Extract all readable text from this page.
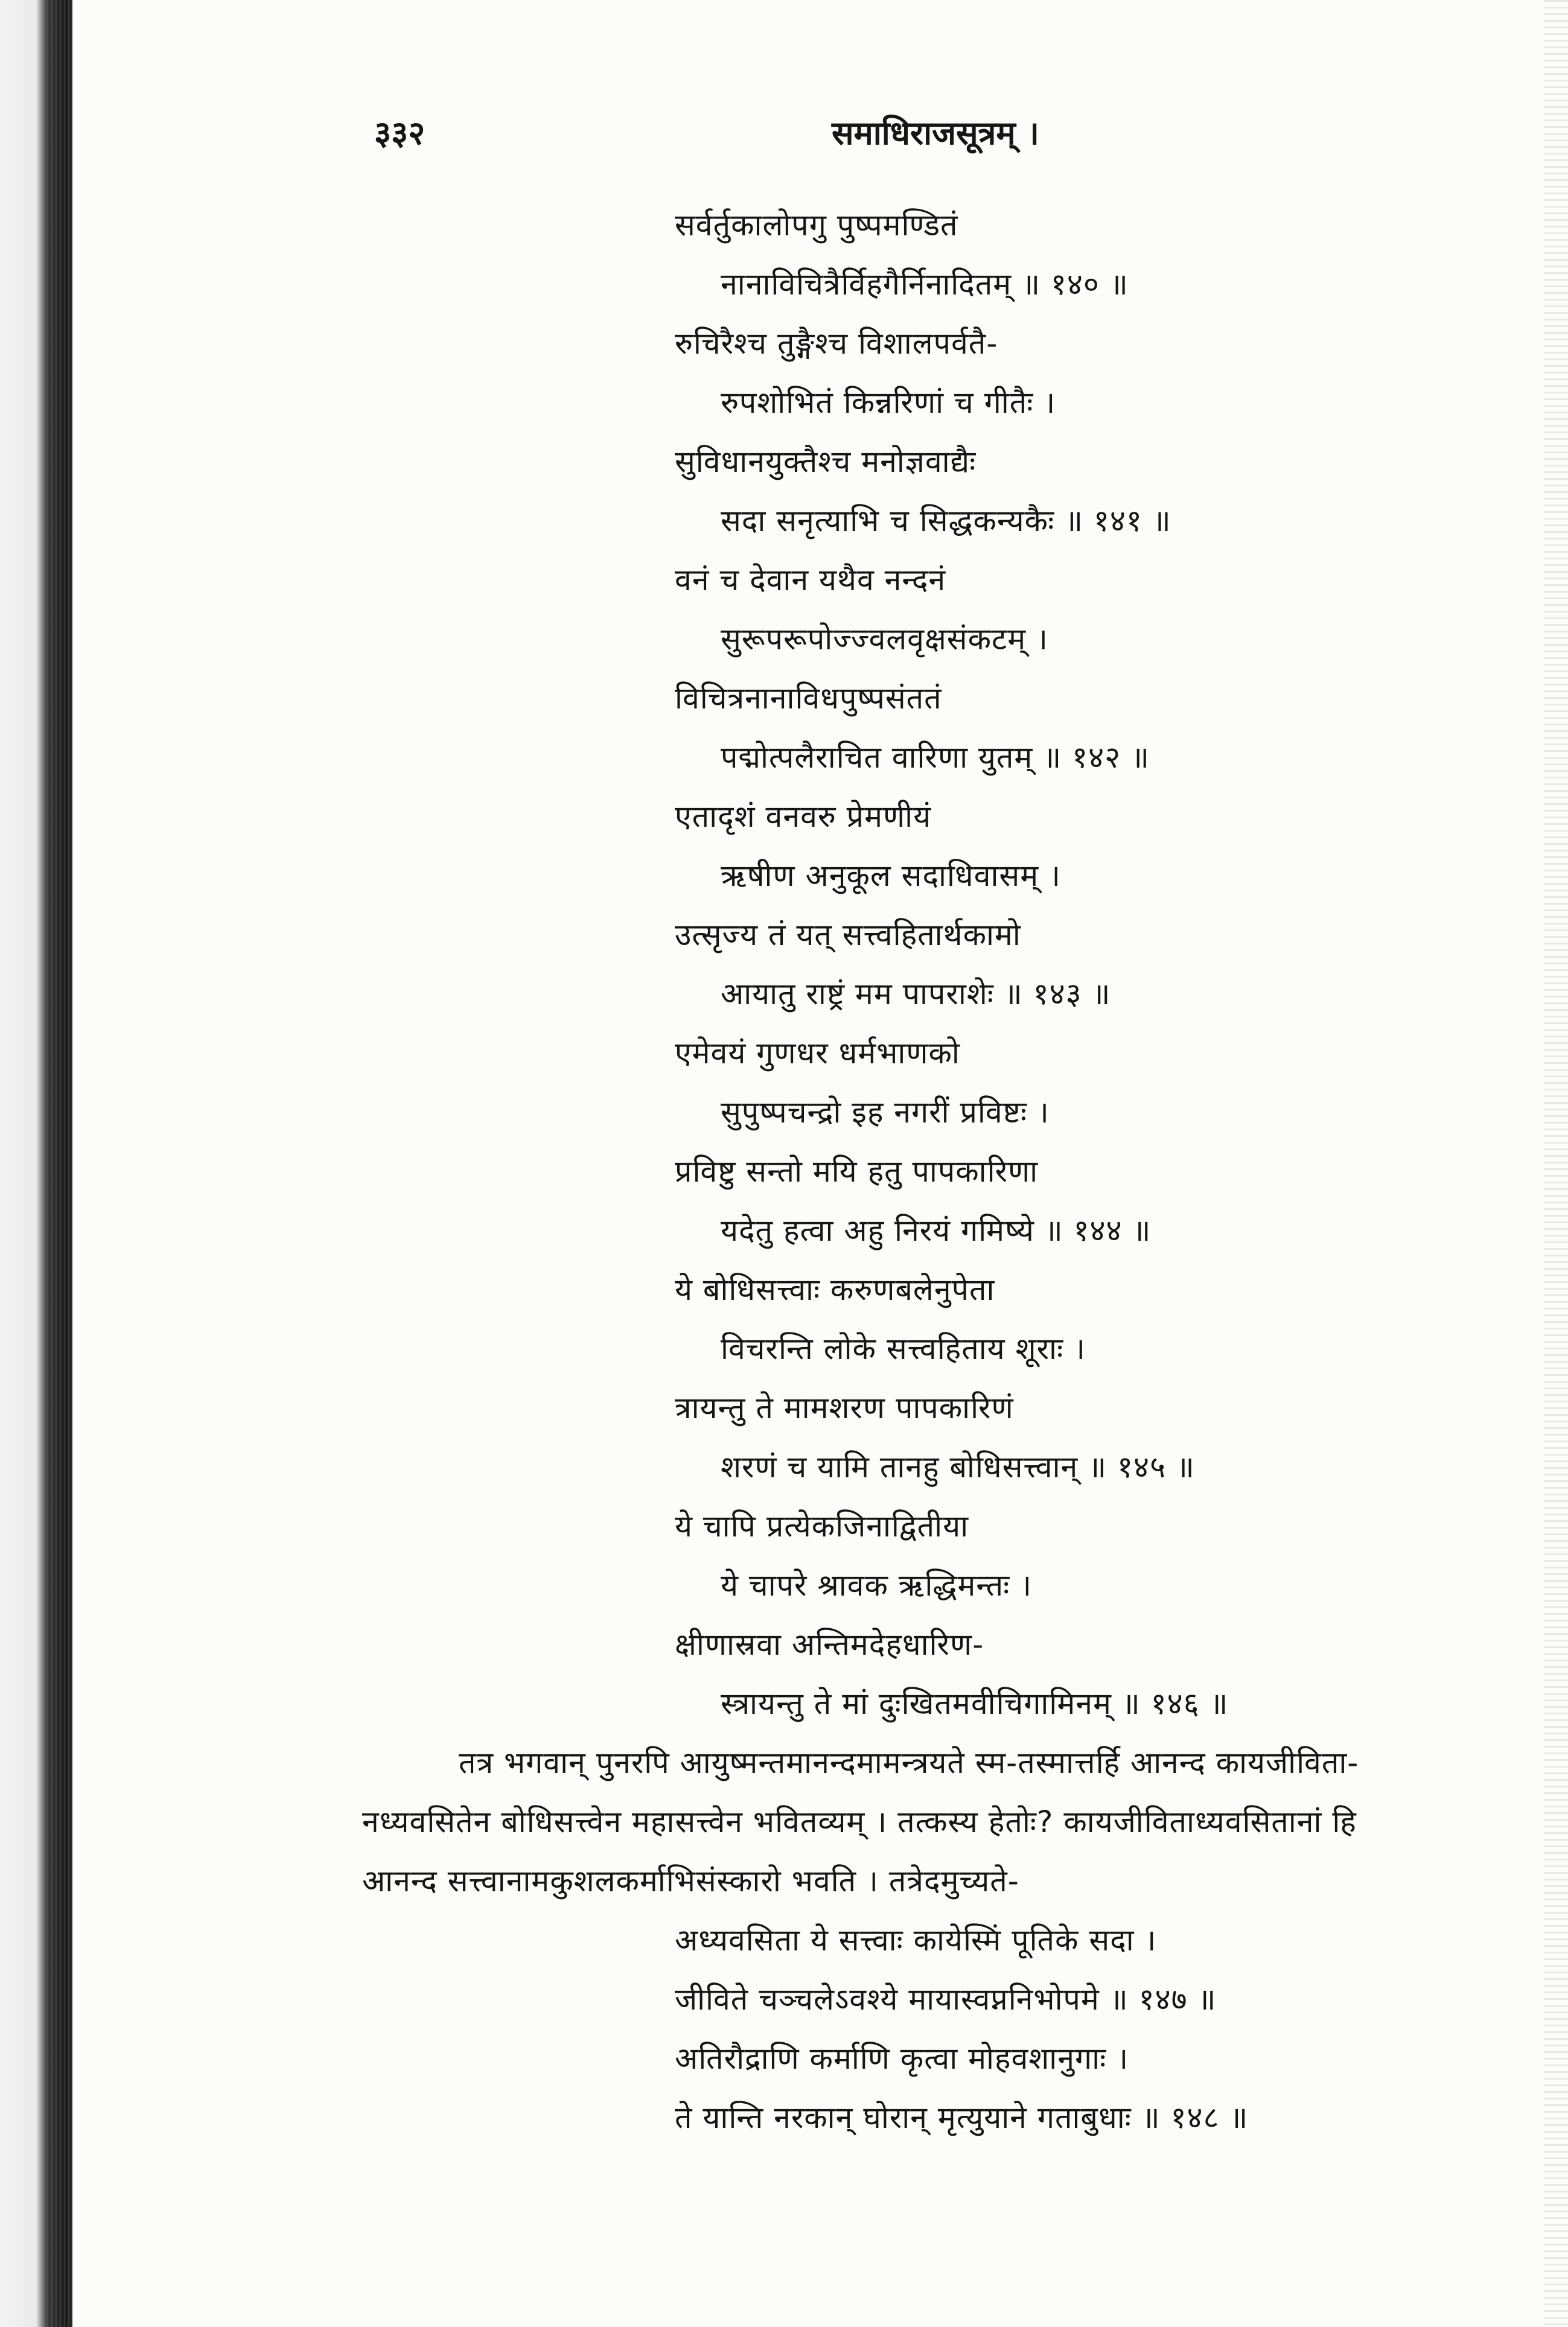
३३२	समाधिराजसूत्रम् ।
सर्वर्तुकालोपगु पुष्पमण्डितं
नानाविचित्रैर्विहगैर्निनादितम् ॥ १४० ॥
रुचिरैश्च तुङ्गैश्च विशालपर्वतै-
रुपशोभितं किन्नरिणां च गीतैः ।
सुविधानयुक्तैश्च मनोज्ञवाद्यैः
सदा सनृत्याभि च सिद्धकन्यकैः ॥ १४१ ॥
वनं च देवान यथैव नन्दनं
सुरूपरूपोज्ज्वलवृक्षसंकटम् ।
विचित्रनानाविधपुष्पसंततं
पद्मोत्पलैराचित वारिणा युतम् ॥ १४२ ॥
एतादृशं वनवरु प्रेमणीयं
ऋषीण अनुकूल सदाधिवासम् ।
उत्सृज्य तं यत् सत्त्वहितार्थकामो
आयातु राष्ट्रं मम पापराशेः ॥ १४३ ॥
एमेवयं गुणधर धर्मभाणको
सुपुष्पचन्द्रो इह नगरीं प्रविष्टः ।
प्रविष्टु सन्तो मयि हतु पापकारिणा
यदेतु हत्वा अहु निरयं गमिष्ये ॥ १४४ ॥
ये बोधिसत्त्वाः करुणबलेनुपेता
विचरन्ति लोके सत्त्वहिताय शूराः ।
त्रायन्तु ते मामशरण पापकारिणं
शरणं च यामि तानहु बोधिसत्त्वान् ॥ १४५ ॥
ये चापि प्रत्येकजिनाद्वितीया
ये चापरे श्रावक ऋद्धिमन्तः ।
क्षीणास्रवा अन्तिमदेहधारिण-
स्त्रायन्तु ते मां दुःखितमवीचिगामिनम् ॥ १४६ ॥
तत्र भगवान् पुनरपि आयुष्मन्तमानन्दमामन्त्रयते स्म-तस्मात्तर्हि आनन्द कायजीविता-
नध्यवसितेन बोधिसत्त्वेन महासत्त्वेन भवितव्यम् । तत्कस्य हेतोः? कायजीविताध्यवसितानां हि
आनन्द सत्त्वानामकुशलकर्माभिसंस्कारो भवति । तत्रेदमुच्यते-
अध्यवसिता ये सत्त्वाः कायेस्मिं पूतिके सदा ।
जीविते चञ्चलेऽवश्ये मायास्वप्ननिभोपमे ॥ १४७ ॥
अतिरौद्राणि कर्माणि कृत्वा मोहवशानुगाः ।
ते यान्ति नरकान् घोरान् मृत्युयाने गताबुधाः ॥ १४८ ॥
